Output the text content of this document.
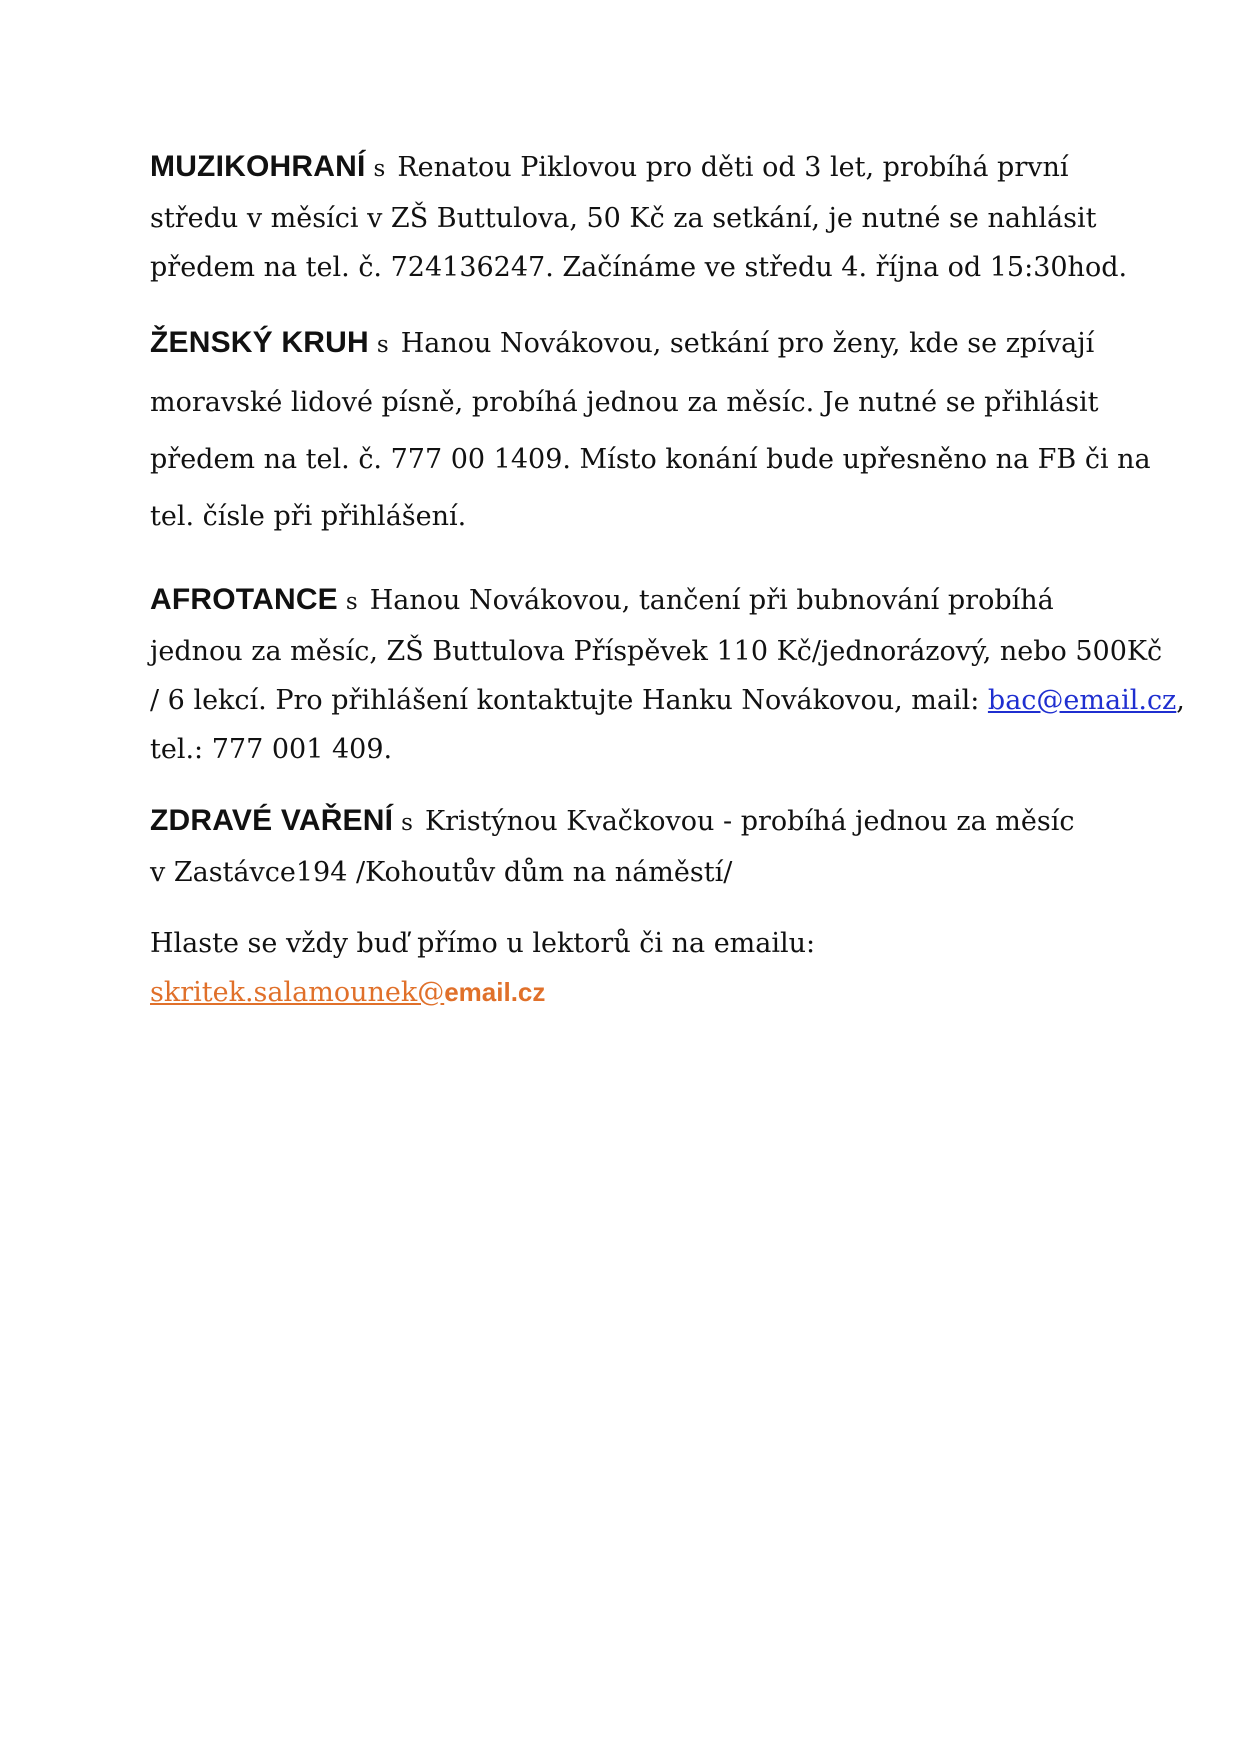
MUZIKOHRANÍ s Renatou Piklovou pro děti od 3 let, probíhá první
středu v měsíci v ZŠ Buttulova, 50 Kč za setkání, je nutné se nahlásit
předem na tel. č. 724136247. Začínáme ve středu 4. října od 15:30hod.
ŽENSKÝ KRUH s Hanou Novákovou, setkání pro ženy, kde se zpívají
moravské lidové písně, probíhá jednou za měsíc. Je nutné se přihlásit
předem na tel. č. 777 00 1409. Místo konání bude upřesněno na FB či na
tel. čísle při přihlášení.
AFROTANCE s Hanou Novákovou, tančení při bubnování probíhá
jednou za měsíc, ZŠ Buttulova Příspěvek 110 Kč/jednorázový, nebo 500Kč
/ 6 lekcí. Pro přihlášení kontaktujte Hanku Novákovou, mail: bac@email.cz,
tel.: 777 001 409.
ZDRAVÉ VAŘENÍ s Kristýnou Kvačkovou - probíhá jednou za měsíc
v Zastávce194 /Kohoutův dům na náměstí/
Hlaste se vždy buď přímo u lektorů či na emailu:
skritek.salamounek@email.cz
